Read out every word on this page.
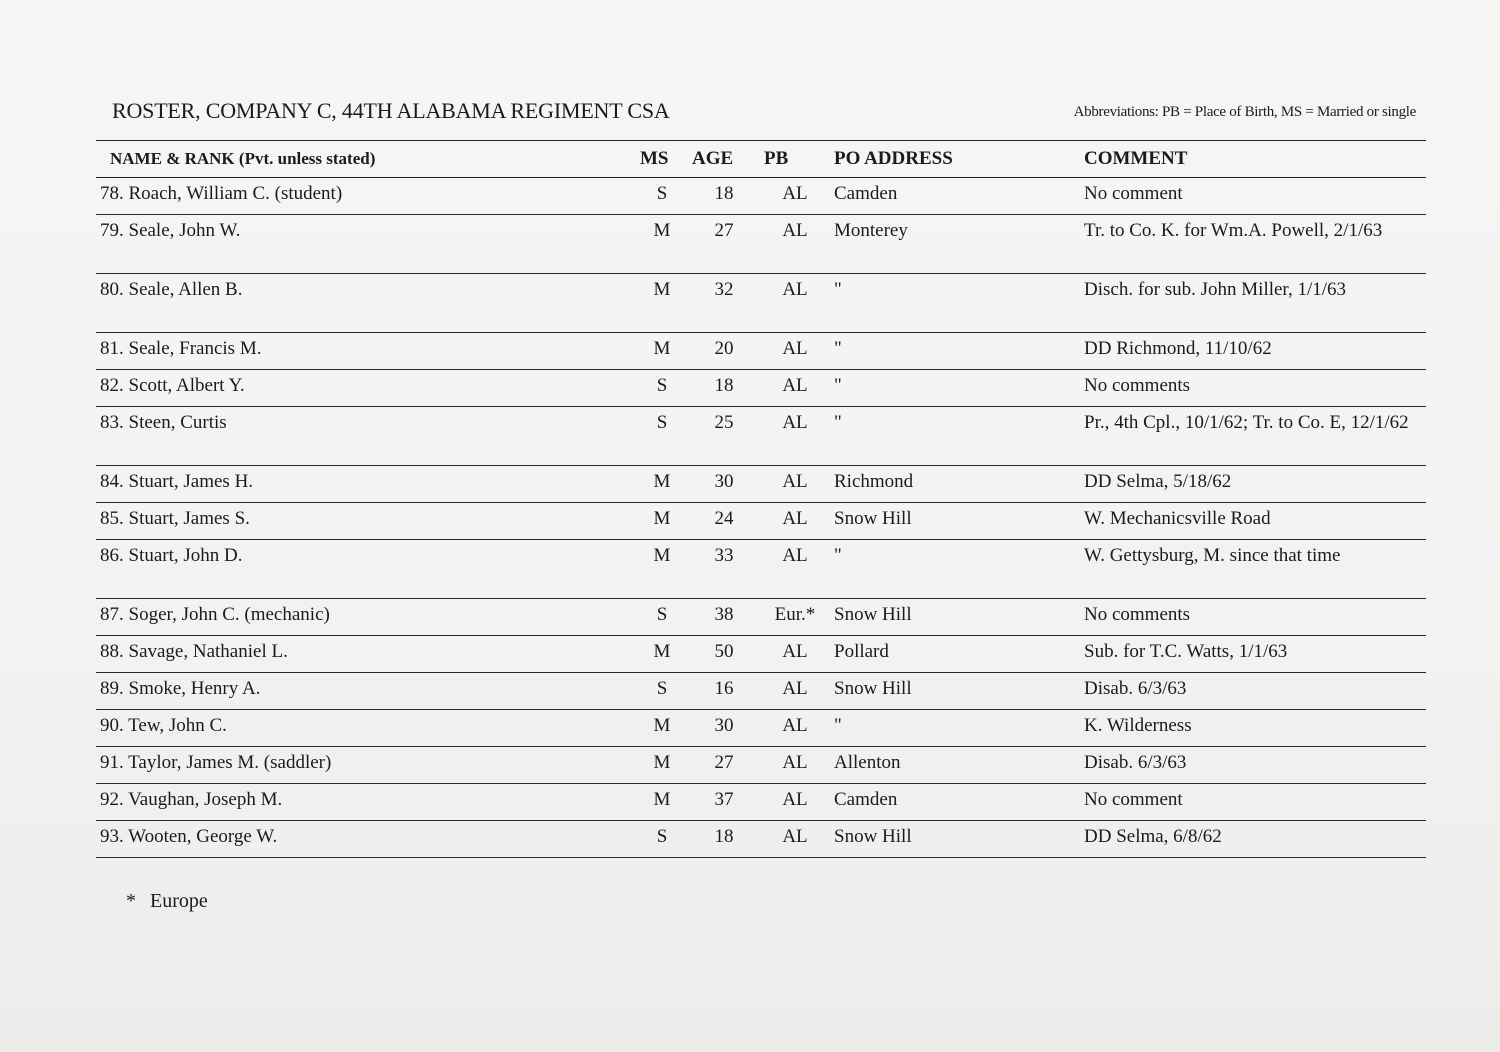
ROSTER, COMPANY C, 44TH ALABAMA REGIMENT CSA	Abbreviations: PB = Place of Birth, MS = Married or single
NAME & RANK (Pvt. unless stated)	MS	AGE	PB	PO ADDRESS	COMMENT
78. Roach, William C. (student)	S	18	AL	Camden	No comment
79. Seale, John W.	M	27	AL	Monterey	Tr. to Co. K. for Wm.A. Powell, 2/1/63
80. Seale, Allen B.	M	32	AL	"	Disch. for sub. John Miller, 1/1/63
81. Seale, Francis M.	M	20	AL	"	DD Richmond, 11/10/62
82. Scott, Albert Y.	S	18	AL	"	No comments
83. Steen, Curtis	S	25	AL	"	Pr., 4th Cpl., 10/1/62; Tr. to Co. E, 12/1/62
84. Stuart, James H.	M	30	AL	Richmond	DD Selma, 5/18/62
85. Stuart, James S.	M	24	AL	Snow Hill	W. Mechanicsville Road
86. Stuart, John D.	M	33	AL	"	W. Gettysburg, M. since that time
87. Soger, John C. (mechanic)	S	38	Eur.*	Snow Hill	No comments
88. Savage, Nathaniel L.	M	50	AL	Pollard	Sub. for T.C. Watts, 1/1/63
89. Smoke, Henry A.	S	16	AL	Snow Hill	Disab. 6/3/63
90. Tew, John C.	M	30	AL	"	K. Wilderness
91. Taylor, James M. (saddler)	M	27	AL	Allenton	Disab. 6/3/63
92. Vaughan, Joseph M.	M	37	AL	Camden	No comment
93. Wooten, George W.	S	18	AL	Snow Hill	DD Selma, 6/8/62
* Europe
